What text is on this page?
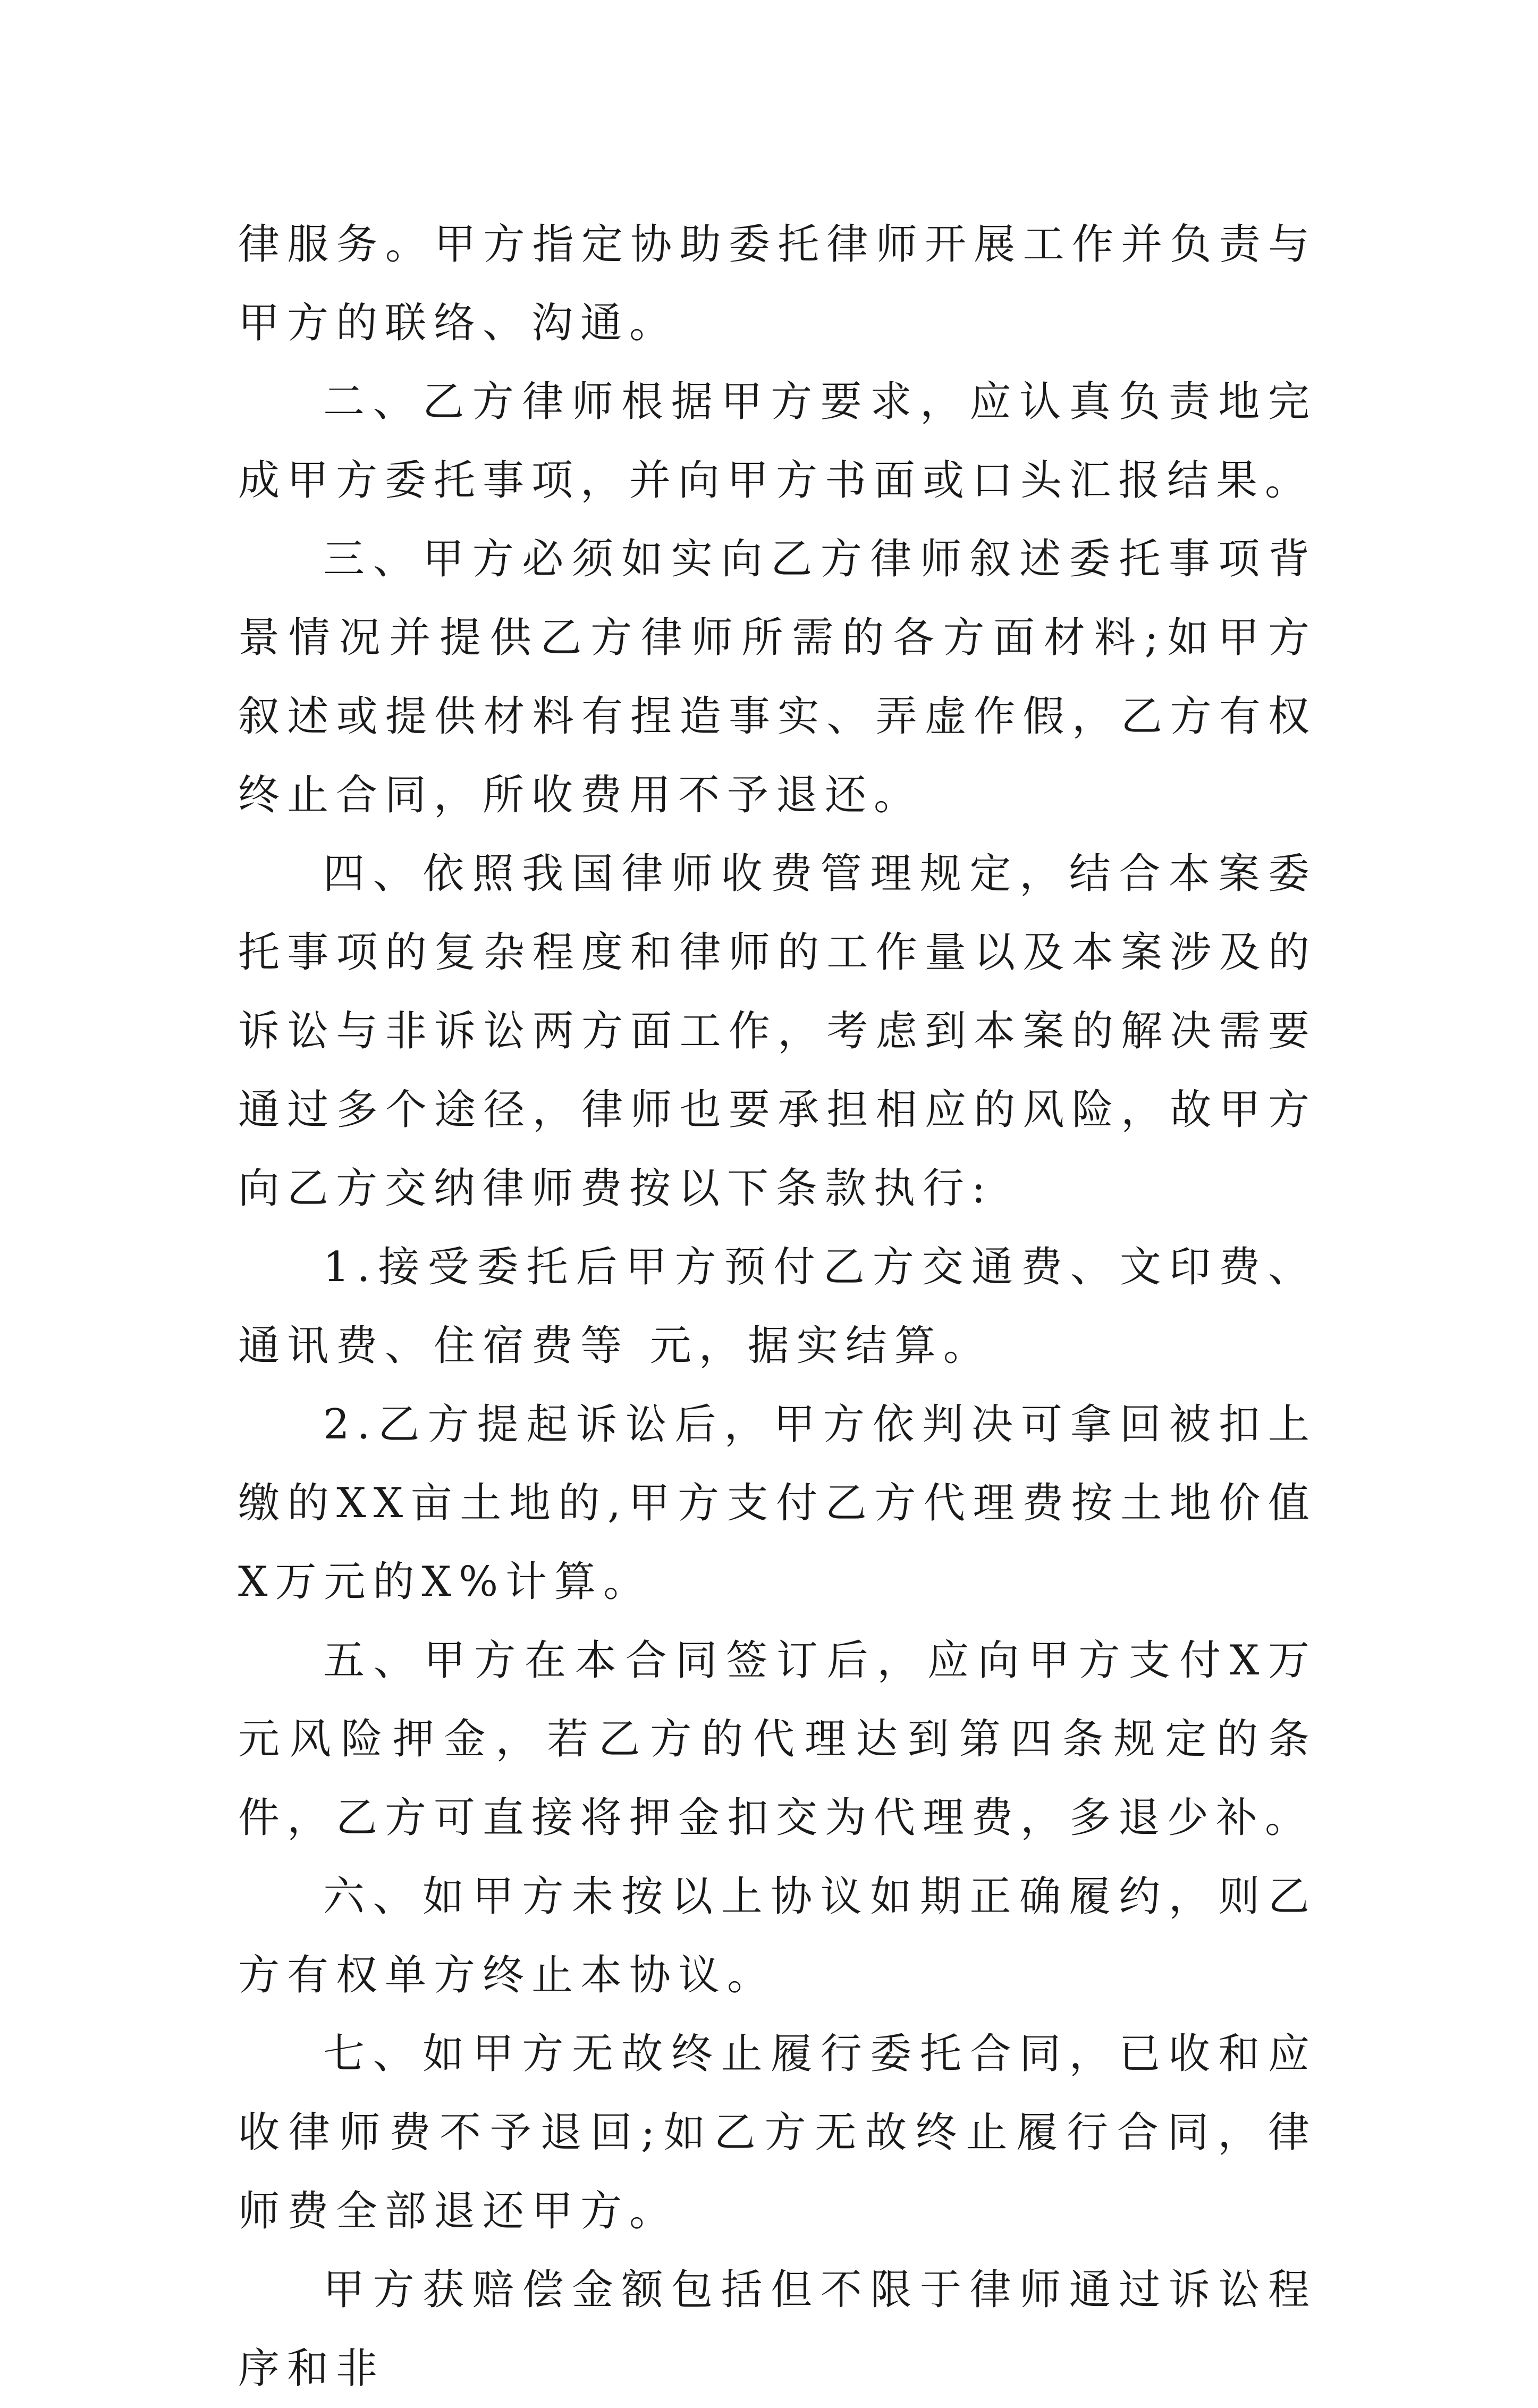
律服务。甲方指定协助委托律师开展工作并负责与甲方的联络、沟通。

二、乙方律师根据甲方要求，应认真负责地完成甲方委托事项，并向甲方书面或口头汇报结果。

三、甲方必须如实向乙方律师叙述委托事项背景情况并提供乙方律师所需的各方面材料;如甲方叙述或提供材料有捏造事实、弄虚作假，乙方有权终止合同，所收费用不予退还。

四、依照我国律师收费管理规定，结合本案委托事项的复杂程度和律师的工作量以及本案涉及的诉讼与非诉讼两方面工作，考虑到本案的解决需要通过多个途径，律师也要承担相应的风险，故甲方向乙方交纳律师费按以下条款执行:

1.接受委托后甲方预付乙方交通费、文印费、通讯费、住宿费等 元，据实结算。

2.乙方提起诉讼后，甲方依判决可拿回被扣上缴的XX亩土地的,甲方支付乙方代理费按土地价值X万元的X%计算。

五、甲方在本合同签订后，应向甲方支付X万元风险押金，若乙方的代理达到第四条规定的条件，乙方可直接将押金扣交为代理费，多退少补。

六、如甲方未按以上协议如期正确履约，则乙方有权单方终止本协议。

七、如甲方无故终止履行委托合同，已收和应收律师费不予退回;如乙方无故终止履行合同，律师费全部退还甲方。

甲方获赔偿金额包括但不限于律师通过诉讼程序和非
